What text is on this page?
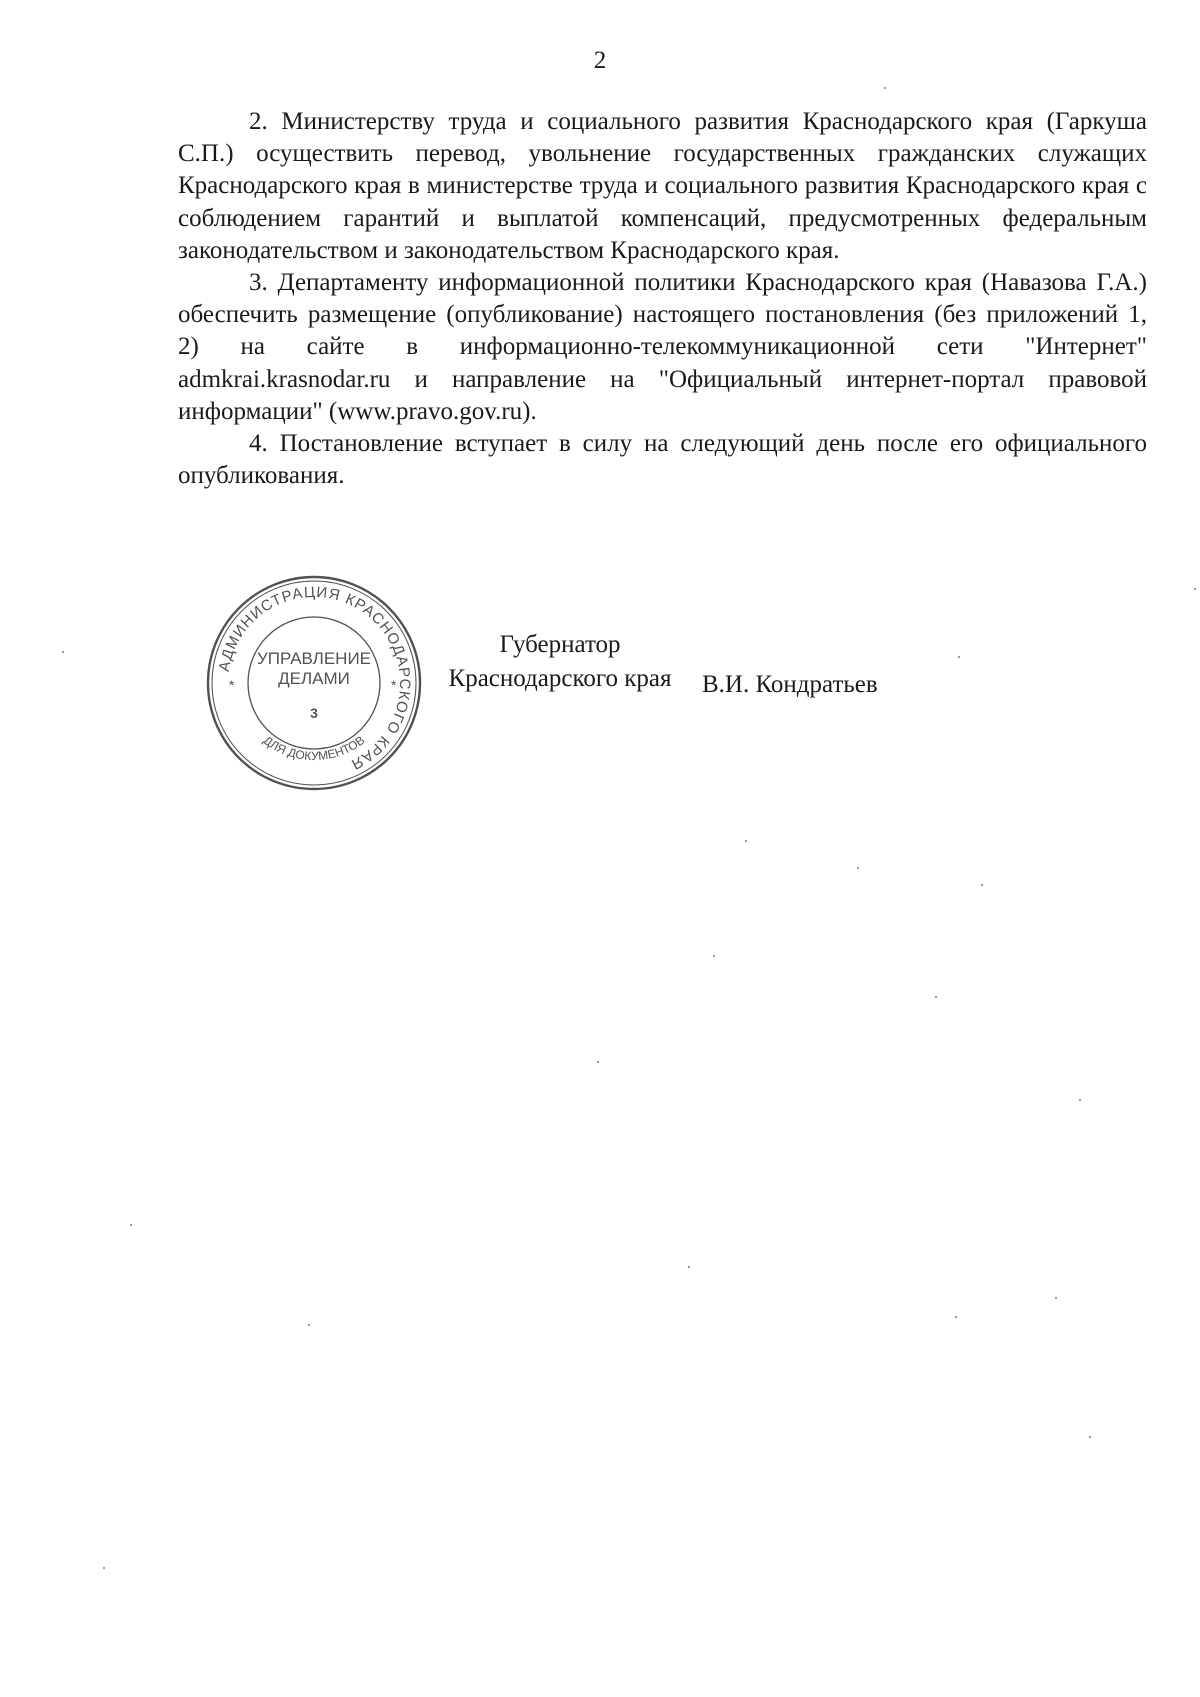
2

2. Министерству труда и социального развития Краснодарского края (Гаркуша С.П.) осуществить перевод, увольнение государственных гражданских служащих Краснодарского края в министерстве труда и социального развития Краснодарского края с соблюдением гарантий и выплатой компенсаций, предусмотренных федеральным законодательством и законодательством Краснодарского края.

3. Департаменту информационной политики Краснодарского края (Навазова Г.А.) обеспечить размещение (опубликование) настоящего постановления (без приложений 1, 2) на сайте в информационно-телекоммуникационной сети "Интернет" admkrai.krasnodar.ru и направление на "Официальный интернет-портал правовой информации" (www.pravo.gov.ru).

4. Постановление вступает в силу на следующий день после его официального опубликования.

Губернатор
Краснодарского края	В.И. Кондратьев
АДМИНИСТРАЦИЯ КРАСНОДАРСКОГО КРАЯ
ДЛЯ ДОКУМЕНТОВ
*	*
УПРАВЛЕНИЕ
ДЕЛАМИ
3
